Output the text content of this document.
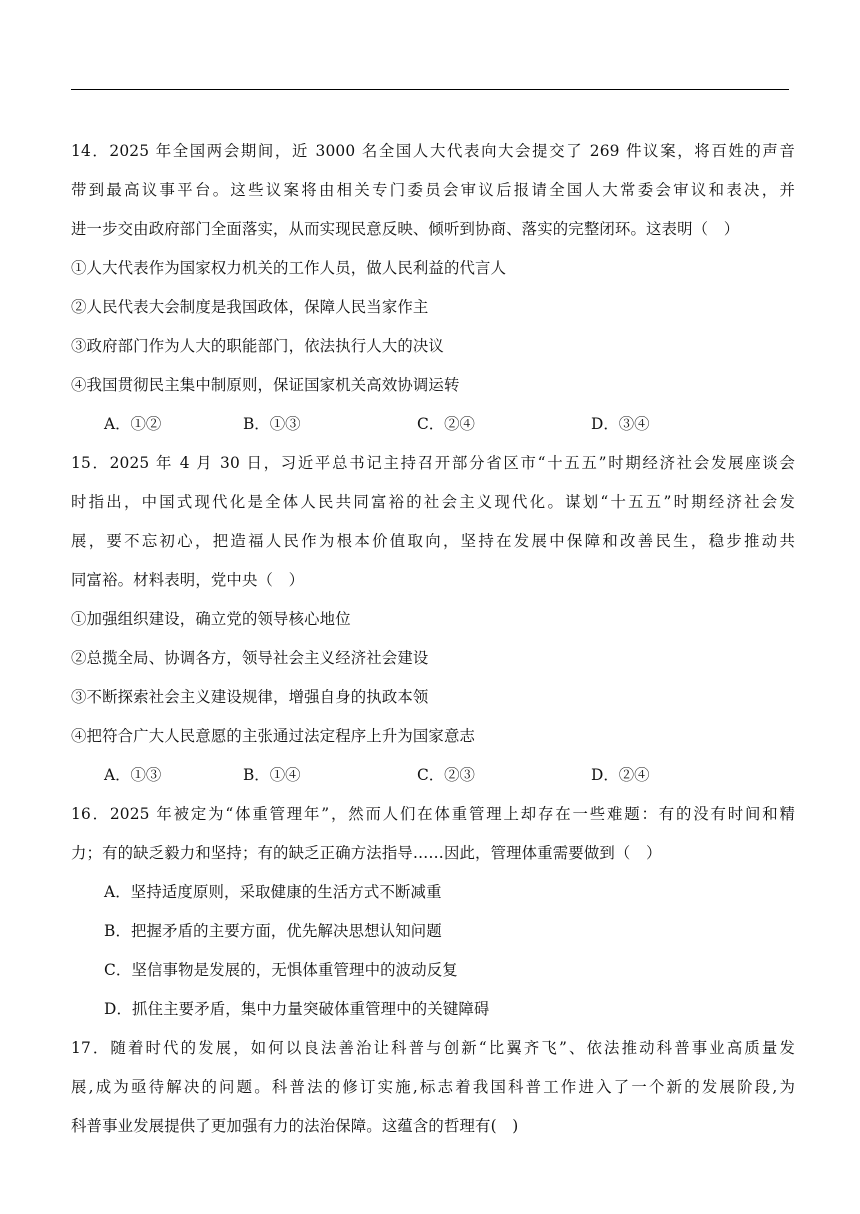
14．2025 年全国两会期间，近 3000 名全国人大代表向大会提交了 269 件议案，将百姓的声音
带到最高议事平台。这些议案将由相关专门委员会审议后报请全国人大常委会审议和表决，并
进一步交由政府部门全面落实，从而实现民意反映、倾听到协商、落实的完整闭环。这表明（　）
①人大代表作为国家权力机关的工作人员，做人民利益的代言人
②人民代表大会制度是我国政体，保障人民当家作主
③政府部门作为人大的职能部门，依法执行人大的决议
④我国贯彻民主集中制原则，保证国家机关高效协调运转
A．①②	B．①③	C．②④	D．③④
15．2025 年 4 月 30 日，习近平总书记主持召开部分省区市“十五五”时期经济社会发展座谈会
时指出，中国式现代化是全体人民共同富裕的社会主义现代化。谋划“十五五”时期经济社会发
展，要不忘初心，把造福人民作为根本价值取向，坚持在发展中保障和改善民生，稳步推动共
同富裕。材料表明，党中央（　）
①加强组织建设，确立党的领导核心地位
②总揽全局、协调各方，领导社会主义经济社会建设
③不断探索社会主义建设规律，增强自身的执政本领
④把符合广大人民意愿的主张通过法定程序上升为国家意志
A．①③	B．①④	C．②③	D．②④
16．2025 年被定为“体重管理年”，然而人们在体重管理上却存在一些难题：有的没有时间和精
力；有的缺乏毅力和坚持；有的缺乏正确方法指导……因此，管理体重需要做到（　）
A．坚持适度原则，采取健康的生活方式不断减重
B．把握矛盾的主要方面，优先解决思想认知问题
C．坚信事物是发展的，无惧体重管理中的波动反复
D．抓住主要矛盾，集中力量突破体重管理中的关键障碍
17．随着时代的发展，如何以良法善治让科普与创新“比翼齐飞”、依法推动科普事业高质量发
展,成为亟待解决的问题。科普法的修订实施,标志着我国科普工作进入了一个新的发展阶段,为
科普事业发展提供了更加强有力的法治保障。这蕴含的哲理有(　)
